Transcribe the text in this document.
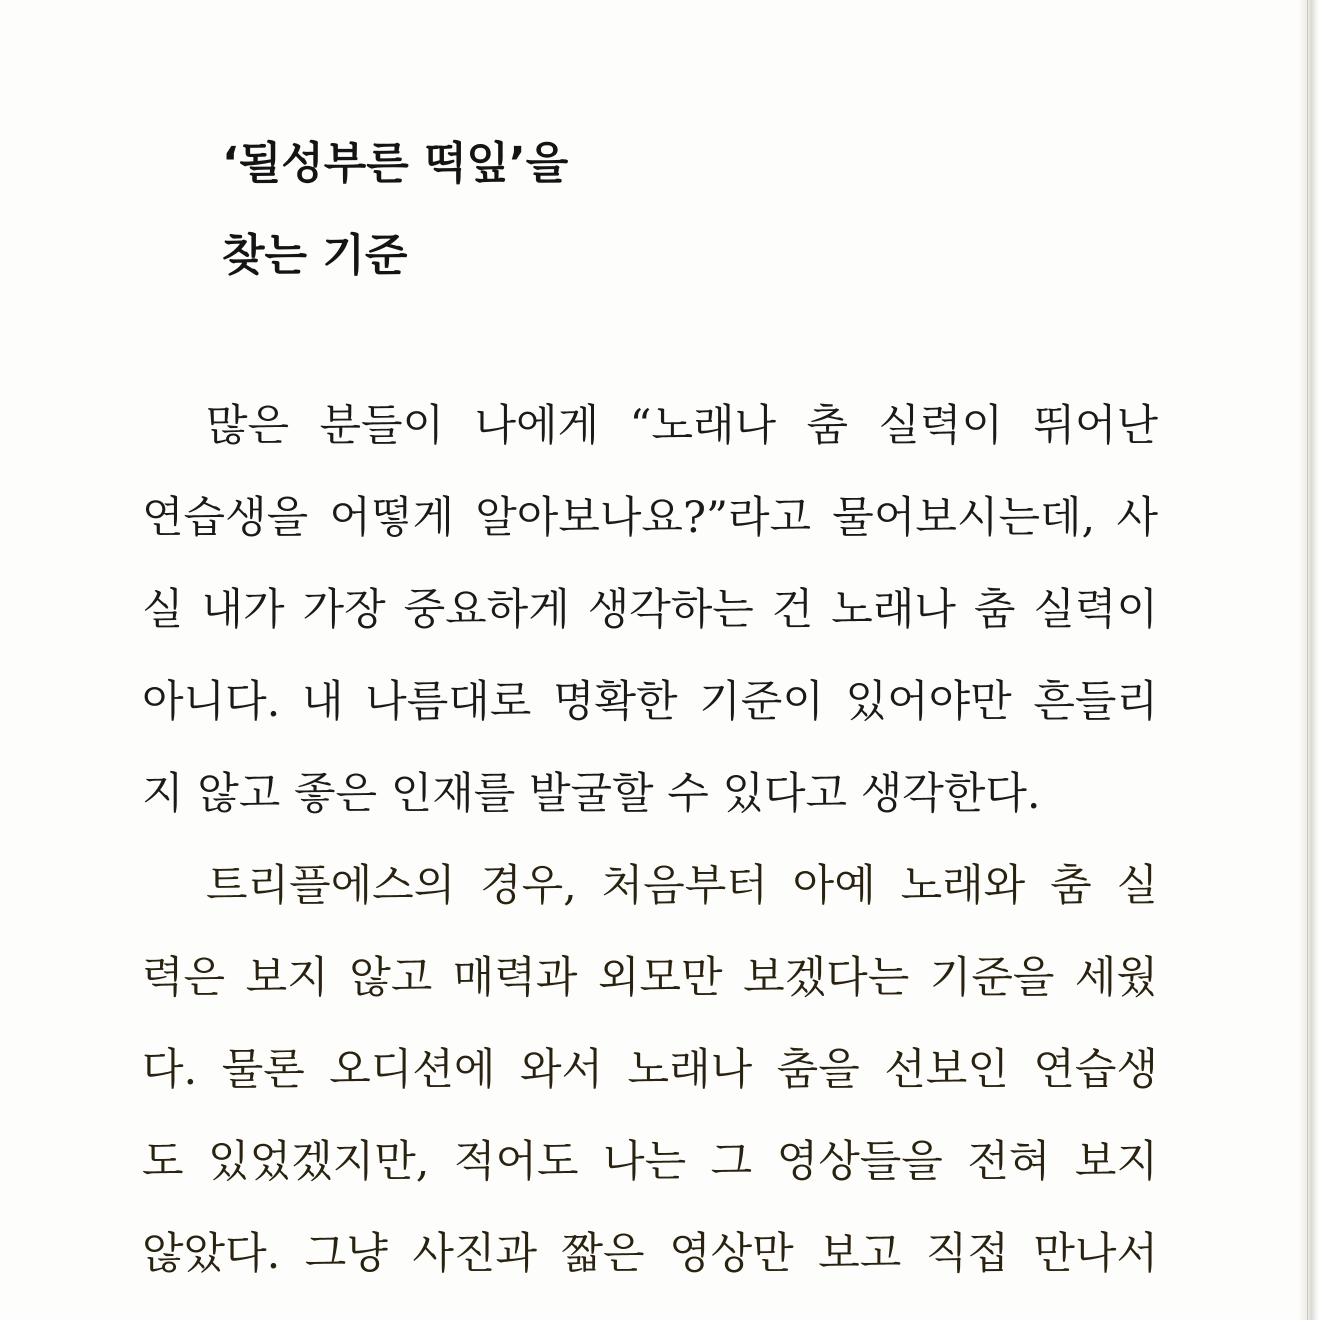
‘될성부른 떡잎’을
찾는 기준

많은 분들이 나에게 “노래나 춤 실력이 뛰어난
연습생을 어떻게 알아보나요?”라고 물어보시는데, 사
실 내가 가장 중요하게 생각하는 건 노래나 춤 실력이
아니다. 내 나름대로 명확한 기준이 있어야만 흔들리
지 않고 좋은 인재를 발굴할 수 있다고 생각한다.

트리플에스의 경우, 처음부터 아예 노래와 춤 실
력은 보지 않고 매력과 외모만 보겠다는 기준을 세웠
다. 물론 오디션에 와서 노래나 춤을 선보인 연습생
도 있었겠지만, 적어도 나는 그 영상들을 전혀 보지
않았다. 그냥 사진과 짧은 영상만 보고 직접 만나서
